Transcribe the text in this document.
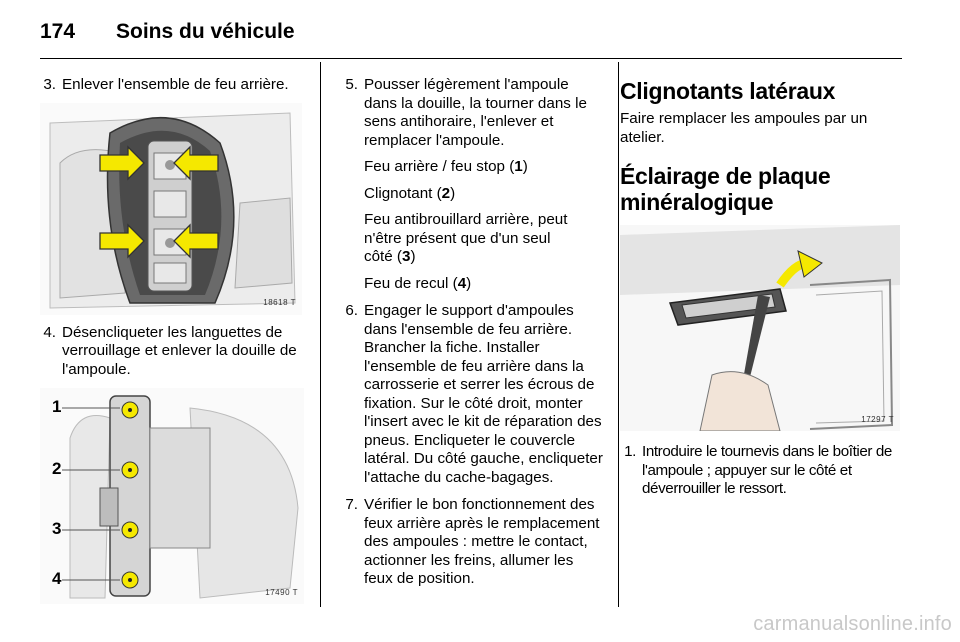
174 Soins du véhicule
3. Enlever l'ensemble de feu arrière.
18618 T
4. Désencliqueter les languettes de verrouillage et enlever la douille de l'ampoule.
1
2
3
4
17490 T
5. Pousser légèrement l'ampoule dans la douille, la tourner dans le sens antihoraire, l'enlever et remplacer l'ampoule.
Feu arrière / feu stop (1)
Clignotant (2)
Feu antibrouillard arrière, peut n'être présent que d'un seul côté (3)
Feu de recul (4)
6. Engager le support d'ampoules dans l'ensemble de feu arrière. Brancher la fiche. Installer l'ensemble de feu arrière dans la carrosserie et serrer les écrous de fixation. Sur le côté droit, monter l'insert avec le kit de réparation des pneus. Encliqueter le couvercle latéral. Du côté gauche, encliqueter l'attache du cache-bagages.
7. Vérifier le bon fonctionnement des feux arrière après le remplacement des ampoules : mettre le contact, actionner les freins, allumer les feux de position.
Clignotants latéraux
Faire remplacer les ampoules par un atelier.
Éclairage de plaque minéralogique
17297 T
1. Introduire le tournevis dans le boîtier de l'ampoule ; appuyer sur le côté et déverrouiller le ressort.
carmanualsonline.info
